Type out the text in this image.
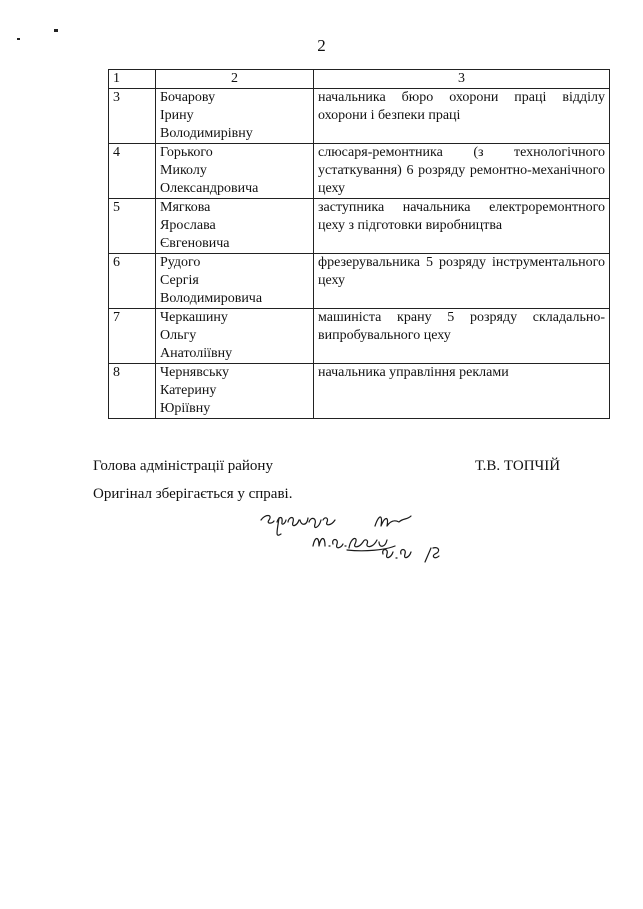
2
1	2	3
3	Бочарову
Ірину
Володимирівну	начальника бюро охорони праці відділу охорони і безпеки праці
4	Горького
Миколу
Олександровича	слюсаря-ремонтника (з технологічного устаткування) 6 розряду ремонтно-механічного цеху
5	Мягкова
Ярослава
Євгеновича	заступника начальника електроремонтного цеху з підготовки виробництва
6	Рудого
Сергія
Володимировича	фрезерувальника 5 розряду інструментального цеху
7	Черкашину
Ольгу
Анатоліївну	машиніста крану 5 розряду складально-випробувального цеху
8	Чернявську
Катерину
Юріївну	начальника управління реклами
Голова адміністрації району	Т.В. ТОПЧІЙ
Оригінал зберігається у справі.
